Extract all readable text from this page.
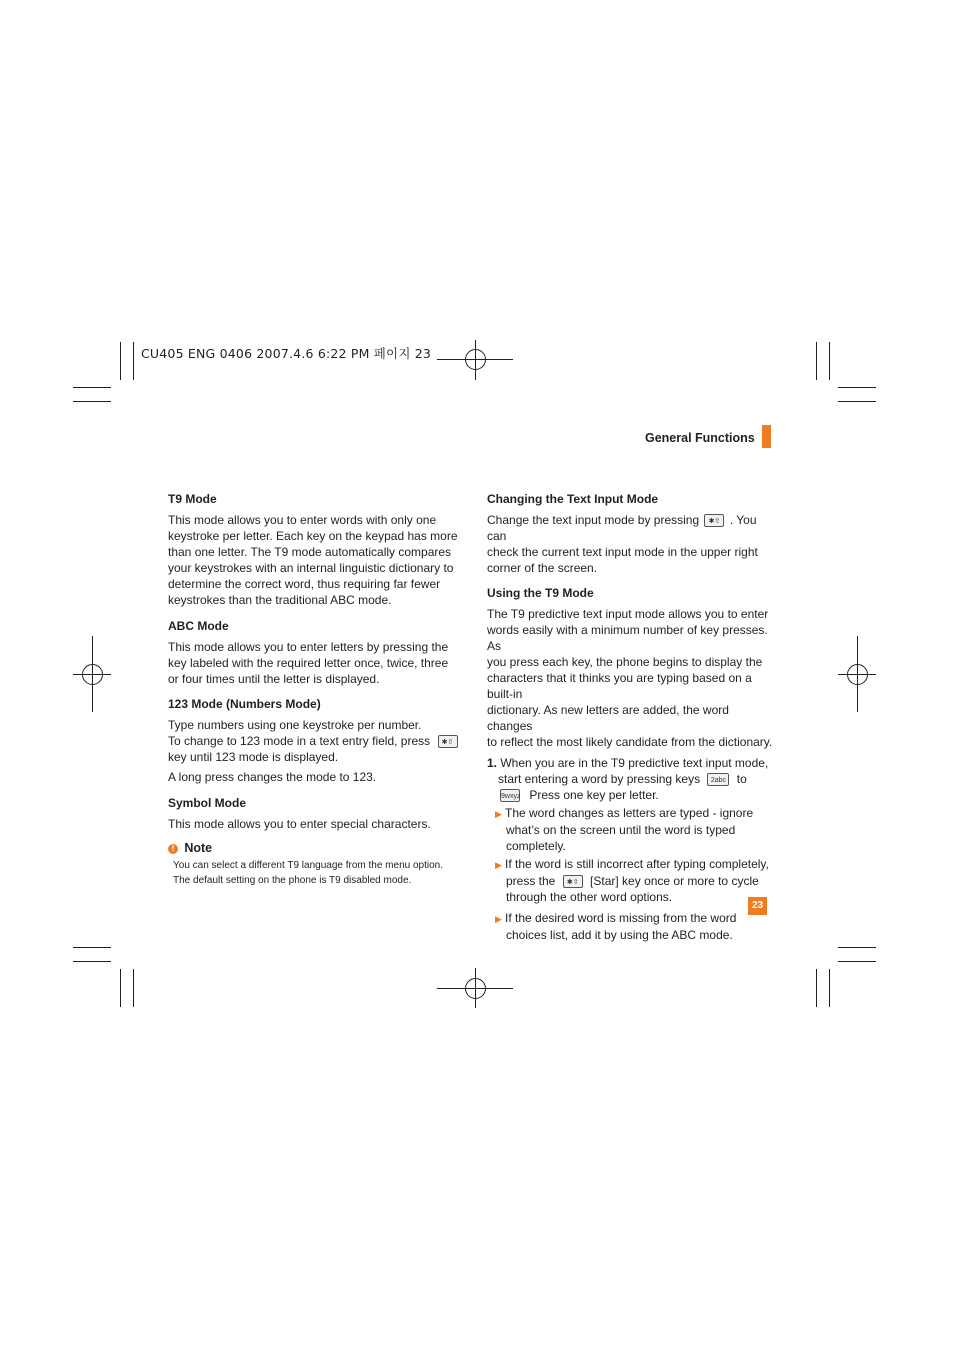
CU405 ENG 0406 2007.4.6 6:22 PM 페이지 23
General Functions
T9 Mode
This mode allows you to enter words with only one
keystroke per letter. Each key on the keypad has more
than one letter. The T9 mode automatically compares
your keystrokes with an internal linguistic dictionary to
determine the correct word, thus requiring far fewer
keystrokes than the traditional ABC mode.
ABC Mode
This mode allows you to enter letters by pressing the
key labeled with the required letter once, twice, three
or four times until the letter is displayed.
123 Mode (Numbers Mode)
Type numbers using one keystroke per number.
To change to 123 mode in a text entry field, press ✱⇧
key until 123 mode is displayed.
A long press changes the mode to 123.
Symbol Mode
This mode allows you to enter special characters.
! Note
You can select a different T9 language from the menu option.
The default setting on the phone is T9 disabled mode.
Changing the Text Input Mode
Change the text input mode by pressing ✱⇧ . You can
check the current text input mode in the upper right
corner of the screen.
Using the T9 Mode
The T9 predictive text input mode allows you to enter
words easily with a minimum number of key presses. As
you press each key, the phone begins to display the
characters that it thinks you are typing based on a built-in
dictionary. As new letters are added, the word changes
to reflect the most likely candidate from the dictionary.
1. When you are in the T9 predictive text input mode,
start entering a word by pressing keys 2abc to
9wxyz Press one key per letter.
▶ The word changes as letters are typed - ignore
what’s on the screen until the word is typed
completely.
▶ If the word is still incorrect after typing completely,
press the ✱⇧ [Star] key once or more to cycle
through the other word options.
▶ If the desired word is missing from the word
choices list, add it by using the ABC mode.
23
